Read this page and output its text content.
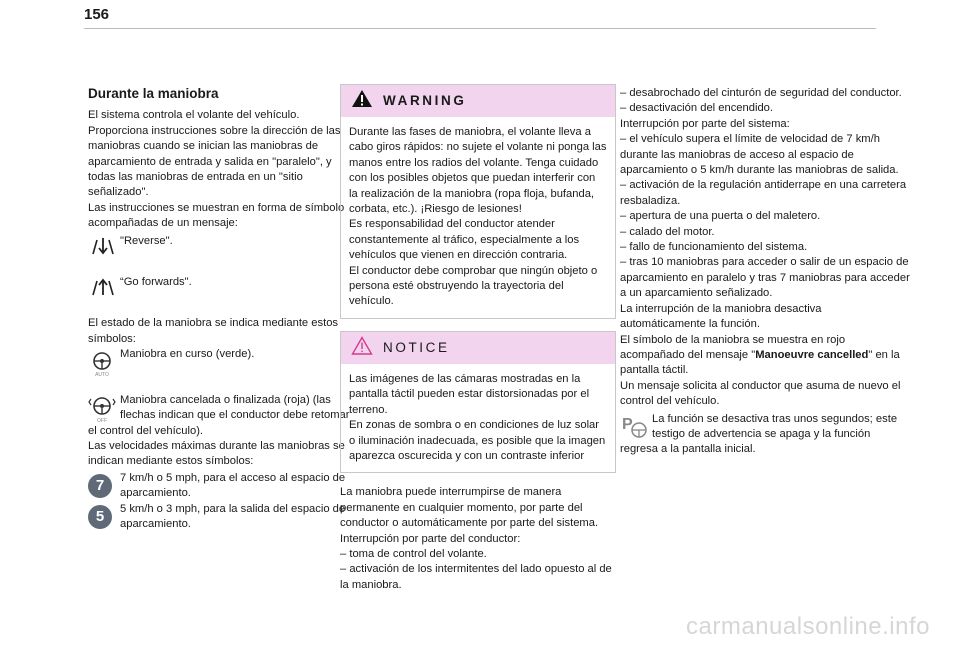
156
Durante la maniobra

El sistema controla el volante del vehículo. Proporciona instrucciones sobre la dirección de las maniobras cuando se inician las maniobras de aparcamiento de entrada y salida en "paralelo", y todas las maniobras de entrada en un "sitio señalizado".

Las instrucciones se muestran en forma de símbolo acompañadas de un mensaje:

"Reverse".
“Go forwards".

El estado de la maniobra se indica mediante estos símbolos:

AUTO
Maniobra en curso (verde).
OFF
Maniobra cancelada o finalizada (roja) (las flechas indican que el conductor debe retomar el control del vehículo).

Las velocidades máximas durante las maniobras se indican mediante estos símbolos:

7	7 km/h o 5 mph, para el acceso al espacio de aparcamiento.
5	5 km/h o 3 mph, para la salida del espacio de aparcamiento.
WARNING

Durante las fases de maniobra, el volante lleva a cabo giros rápidos: no sujete el volante ni ponga las manos entre los radios del volante. Tenga cuidado con los posibles objetos que puedan interferir con la realización de la maniobra (ropa floja, bufanda, corbata, etc.). ¡Riesgo de lesiones!

Es responsabilidad del conductor atender constantemente al tráfico, especialmente a los vehículos que vienen en dirección contraria.

El conductor debe comprobar que ningún objeto o persona esté obstruyendo la trayectoria del vehículo.

NOTICE

Las imágenes de las cámaras mostradas en la pantalla táctil pueden estar distorsionadas por el terreno.

En zonas de sombra o en condiciones de luz solar o iluminación inadecuada, es posible que la imagen aparezca oscurecida y con un contraste inferior

La maniobra puede interrumpirse de manera permanente en cualquier momento, por parte del conductor o automáticamente por parte del sistema.

Interrupción por parte del conductor:

– toma de control del volante.

– activación de los intermitentes del lado opuesto al de la maniobra.

– desabrochado del cinturón de seguridad del conductor.

– desactivación del encendido.

Interrupción por parte del sistema:

– el vehículo supera el límite de velocidad de 7 km/h durante las maniobras de acceso al espacio de aparcamiento o 5 km/h durante las maniobras de salida.

– activación de la regulación antiderrape en una carretera resbaladiza.

– apertura de una puerta o del maletero.

– calado del motor.

– fallo de funcionamiento del sistema.

– tras 10 maniobras para acceder o salir de un espacio de aparcamiento en paralelo y tras 7 maniobras para acceder a un aparcamiento señalizado.

La interrupción de la maniobra desactiva automáticamente la función.

El símbolo de la maniobra se muestra en rojo acompañado del mensaje "Manoeuvre cancelled" en la pantalla táctil.

Un mensaje solicita al conductor que asuma de nuevo el control del vehículo.

P La función se desactiva tras unos segundos; este testigo de advertencia se apaga y la función regresa a la pantalla inicial.
carmanualsonline.info
